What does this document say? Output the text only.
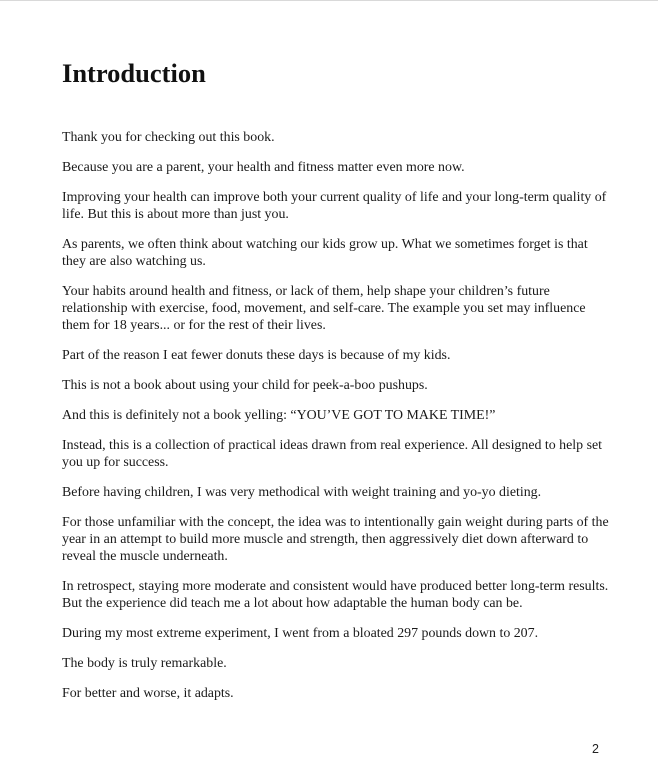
Introduction

Thank you for checking out this book.

Because you are a parent, your health and fitness matter even more now.

Improving your health can improve both your current quality of life and your long-term quality of life. But this is about more than just you.

As parents, we often think about watching our kids grow up. What we sometimes forget is that they are also watching us.

Your habits around health and fitness, or lack of them, help shape your children’s future relationship with exercise, food, movement, and self-care. The example you set may influence them for 18 years... or for the rest of their lives.

Part of the reason I eat fewer donuts these days is because of my kids.

This is not a book about using your child for peek-a-boo pushups.

And this is definitely not a book yelling: “YOU’VE GOT TO MAKE TIME!”

Instead, this is a collection of practical ideas drawn from real experience. All designed to help set you up for success.

Before having children, I was very methodical with weight training and yo-yo dieting.

For those unfamiliar with the concept, the idea was to intentionally gain weight during parts of the year in an attempt to build more muscle and strength, then aggressively diet down afterward to reveal the muscle underneath.

In retrospect, staying more moderate and consistent would have produced better long-term results. But the experience did teach me a lot about how adaptable the human body can be.

During my most extreme experiment, I went from a bloated 297 pounds down to 207.

The body is truly remarkable.

For better and worse, it adapts.

2
